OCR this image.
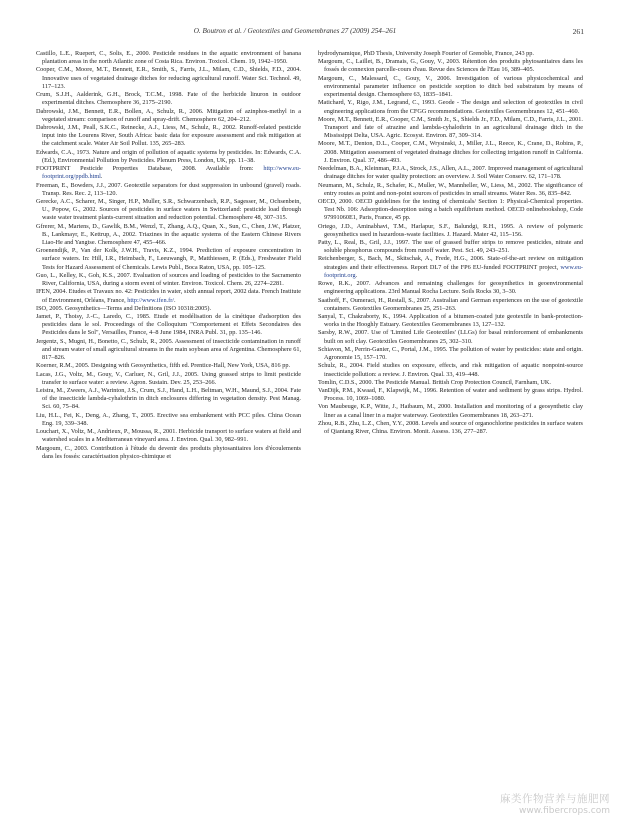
O. Boutron et al. / Geotextiles and Geomembranes 27 (2009) 254–261	261

Castillo, L.E., Ruepert, C., Solis, E., 2000. Pesticide residues in the aquatic environment of banana plantation areas in the north Atlantic zone of Costa Rica. Environ. Toxicol. Chem. 19, 1942–1950.

Cooper, C.M., Moore, M.T., Bennett, E.R., Smith, S., Farris, J.L., Milam, C.D., Shields, F.D., 2004. Innovative uses of vegetated drainage ditches for reducing agricultural runoff. Water Sci. Technol. 49, 117–123.

Crum, S.J.H., Aalderink, G.H., Brock, T.C.M., 1998. Fate of the herbicide linuron in outdoor experimental ditches. Chemosphere 36, 2175–2190.

Dabrowski, J.M., Bennett, E.R., Bollen, A., Schulz, R., 2006. Mitigation of azinphos-methyl in a vegetated stream: comparison of runoff and spray-drift. Chemosphere 62, 204–212.

Dabrowski, J.M., Peall, S.K.C., Reinecke, A.J., Liess, M., Schulz, R., 2002. Runoff-related pesticide input into the Lourens River, South Africa: basic data for exposure assessment and risk mitigation at the catchment scale. Water Air Soil Pollut. 135, 265–283.

Edwards, C.A., 1973. Nature and origin of pollution of aquatic systems by pesticides. In: Edwards, C.A. (Ed.), Environmental Pollution by Pesticides. Plenum Press, London, UK, pp. 11–38.

FOOTPRINT Pesticide Properties Database, 2008. Available from: http://www.eu-footprint.org/ppdb.html.

Freeman, E., Bowders, J.J., 2007. Geotextile separators for dust suppression in unbound (gravel) roads. Transp. Res. Rec. 2, 113–120.

Gerecke, A.C., Scharer, M., Singer, H.P., Muller, S.R., Schwarzenbach, R.P., Sagesser, M., Ochsenbein, U., Popow, G., 2002. Sources of pesticides in surface waters in Switzerland: pesticide load through waste water treatment plants-current situation and reduction potential. Chemosphere 48, 307–315.

Gfrerer, M., Martens, D., Gawlik, B.M., Wenzl, T., Zhang, A.Q., Quan, X., Sun, C., Chen, J.W., Platzer, B., Lankmayr, E., Kettrup, A., 2002. Triazines in the aquatic systems of the Eastern Chinese Rivers Liao-He and Yangtse. Chemosphere 47, 455–466.

Groenendijk, P., Van der Kolk, J.W.H., Travis, K.Z., 1994. Prediction of exposure concentration in surface waters. In: Hill, I.R., Heimbach, F., Leeuwangh, P., Matthiessen, P. (Eds.), Freshwater Field Tests for Hazard Assessment of Chemicals. Lewis Publ., Boca Raton, USA, pp. 105–125.

Guo, L., Kelley, K., Goh, K.S., 2007. Evaluation of sources and loading of pesticides to the Sacramento River, California, USA, during a storm event of winter. Environ. Toxicol. Chem. 26, 2274–2281.

IFEN, 2004. Etudes et Travaux no. 42: Pesticides in water, sixth annual report, 2002 data. French Institute of Environment, Orléans, France, http://www.ifen.fr/.

ISO, 2005. Geosynthetics—Terms and Definitions (ISO 10318:2005).

Jamet, P., Thoisy, J.-C., Laredo, C., 1985. Etude et modélisation de la cinétique d'adsorption des pesticides dans le sol. Proceedings of the Colloquium "Comportement et Effets Secondaires des Pesticides dans le Sol", Versailles, France, 4–8 June 1984, INRA Publ. 31, pp. 135–146.

Jergentz, S., Mugni, H., Bonetto, C., Schulz, R., 2005. Assessment of insecticide contamination in runoff and stream water of small agricultural streams in the main soybean area of Argentina. Chemosphere 61, 817–826.

Koerner, R.M., 2005. Designing with Geosynthetics, fifth ed. Prentice-Hall, New York, USA, 816 pp.

Lacas, J.G., Voltz, M., Gouy, V., Carluer, N., Gril, J.J., 2005. Using grassed strips to limit pesticide transfer to surface water: a review. Agron. Sustain. Dev. 25, 253–266.

Leistra, M., Zweers, A.J., Warinton, J.S., Crum, S.J., Hand, L.H., Beltman, W.H., Maund, S.J., 2004. Fate of the insecticide lambda-cyhalothrin in ditch enclosures differing in vegetation density. Pest Manag. Sci. 60, 75–84.

Liu, H.L., Fei, K., Deng, A., Zhang, T., 2005. Erective sea embankment with PCC piles. China Ocean Eng. 19, 339–348.

Louchart, X., Voltz, M., Andrieux, P., Moussa, R., 2001. Herbicide transport to surface waters at field and watershed scales in a Mediterranean vineyard area. J. Environ. Qual. 30, 982–991.

Margoum, C., 2003. Contribution à l'étude du devenir des produits phytosanitaires lors d'écoulements dans les fossés: caractérisation physico-chimique et

hydrodynamique, PhD Thesis, University Joseph Fourier of Grenoble, France, 243 pp.

Margoum, C., Laillet, B., Dramais, G., Gouy, V., 2003. Rétention des produits phytosanitaires dans les fossés de connexion parcelle-cours d'eau. Revue des Sciences de l'Eau 16, 389–405.

Margoum, C., Malessard, C., Gouy, V., 2006. Investigation of various physicochemical and environmental parameter influence on pesticide sorption to ditch bed substratum by means of experimental design. Chemosphere 63, 1835–1841.

Matichard, Y., Rigo, J.M., Legrand, C., 1993. Geode - The design and selection of geotextiles in civil engineering applications from the CFGG recommendations. Geotextiles Geomembranes 12, 451–460.

Moore, M.T., Bennett, E.R., Cooper, C.M., Smith Jr., S., Shields Jr., F.D., Milam, C.D., Farris, J.L., 2001. Transport and fate of atrazine and lambda-cyhalothrin in an agricultural drainage ditch in the Mississippi Delta, USA. Agric. Ecosyst. Environ. 87, 309–314.

Moore, M.T., Denton, D.L., Cooper, C.M., Wrysinski, J., Miller, J.L., Reece, K., Crane, D., Robins, P., 2008. Mitigation assessment of vegetated drainage ditches for collecting irrigation runoff in California. J. Environ. Qual. 37, 486–493.

Needelman, B.A., Kleinman, P.J.A., Strock, J.S., Allen, A.L., 2007. Improved management of agricultural drainage ditches for water quality protection: an overview. J. Soil Water Conserv. 62, 171–178.

Neumann, M., Schulz, R., Schafer, K., Muller, W., Mannheller, W., Liess, M., 2002. The significance of entry routes as point and non-point sources of pesticides in small streams. Water Res. 36, 835–842.

OECD, 2000. OECD guidelines for the testing of chemicals/ Section 1: Physical-Chemical properties. Test Nb. 106: Adsorption-desorption using a batch equilibrium method. OECD onlinebookshop, Code 97991060E1, Paris, France, 45 pp.

Ortego, J.D., Aminabhavi, T.M., Harlapur, S.F., Balundgi, R.H., 1995. A review of polymeric geosynthetics used in hazardous-waste facilities. J. Hazard. Mater 42, 115–156.

Patty, L., Real, B., Gril, J.J., 1997. The use of grassed buffer strips to remove pesticides, nitrate and soluble phosphorus compounds from runoff water. Pest. Sci. 49, 243–251.

Reichenberger, S., Bach, M., Skitschak, A., Frede, H.G., 2006. State-of-the-art review on mitigation strategies and their effectiveness. Report DL7 of the FP6 EU-funded FOOTPRINT project, www.eu-footprint.org.

Rowe, R.K., 2007. Advances and remaining challenges for geosynthetics in geoenvironmental engineering applications. 23rd Manual Rocha Lecture. Soils Rocks 30, 3–30.

Saathoff, F., Oumeraci, H., Restall, S., 2007. Australian and German experiences on the use of geotextile containers. Geotextiles Geomembranes 25, 251–263.

Sanyal, T., Chakraborty, K., 1994. Application of a bitumen-coated jute geotextile in bank-protection-works in the Hooghly Estuary. Geotextiles Geomembranes 13, 127–132.

Sarsby, R.W., 2007. Use of 'Limited Life Geotextiles' (LLGs) for basal reinforcement of embankments built on soft clay. Geotextiles Geomembranes 25, 302–310.

Schiavon, M., Perrin-Ganier, C., Portal, J.M., 1995. The pollution of water by pesticides: state and origin. Agronomie 15, 157–170.

Schulz, R., 2004. Field studies on exposure, effects, and risk mitigation of aquatic nonpoint-source insecticide pollution: a review. J. Environ. Qual. 33, 419–448.

Tomlin, C.D.S., 2000. The Pesticide Manual. British Crop Protection Council, Farnham, UK.

VanDijk, P.M., Kwaad, F., Klapwijk, M., 1996. Retention of water and sediment by grass strips. Hydrol. Process. 10, 1069–1080.

Von Maubeuge, K.P., Witte, J., Haibaum, M., 2000. Installation and monitoring of a geosynthetic clay liner as a canal liner in a major waterway. Geotextiles Geomembranes 18, 263–271.

Zhou, R.B., Zhu, L.Z., Chen, Y.Y., 2008. Levels and source of organochlorine pesticides in surface waters of Qiantang River, China. Environ. Monit. Assess. 136, 277–287.

麻类作物营养与施肥网
www.fibercrops.com
